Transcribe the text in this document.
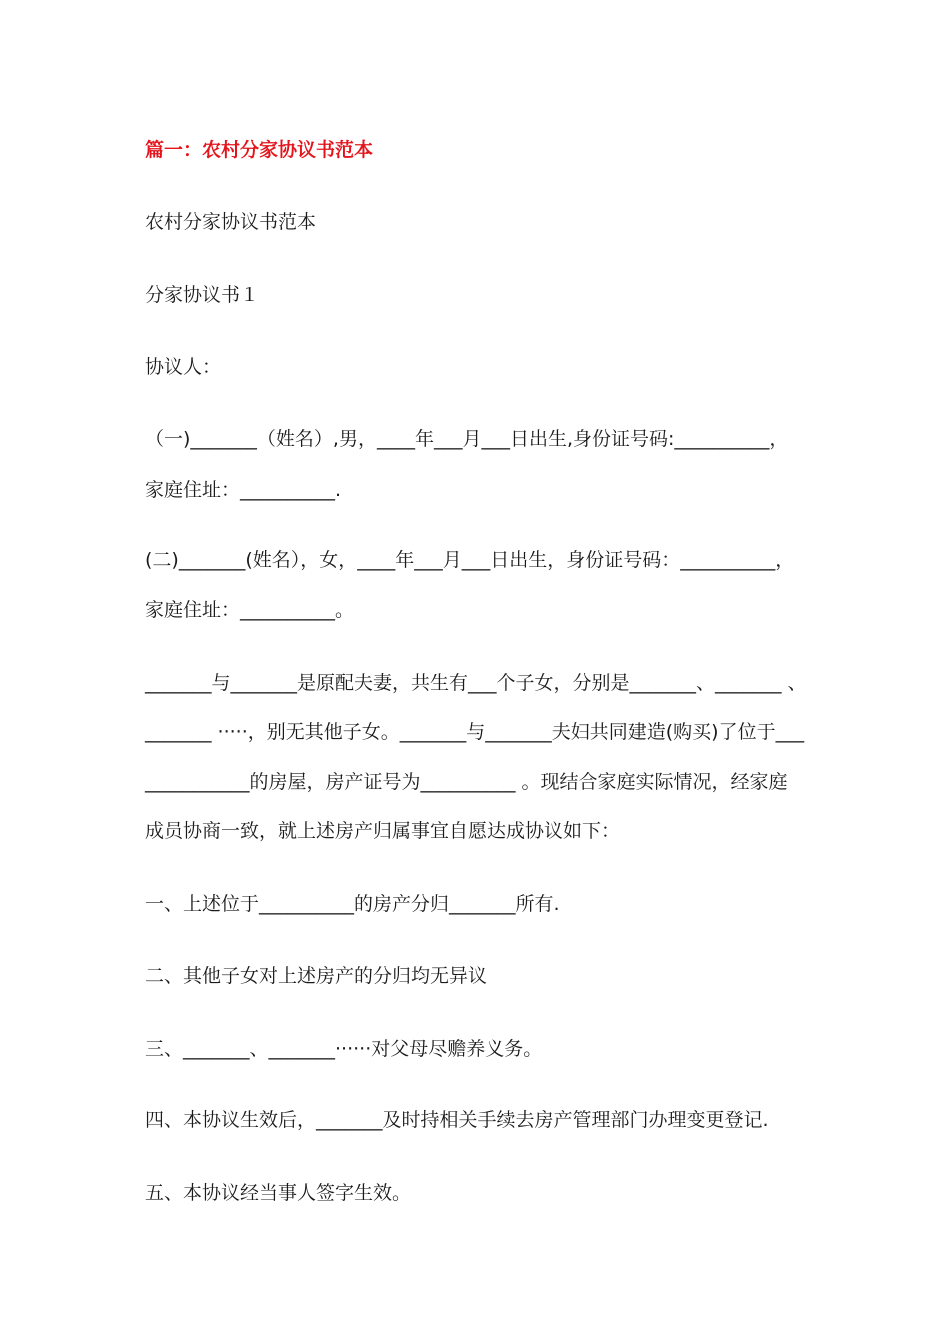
篇一：农村分家协议书范本
农村分家协议书范本
分家协议书１
协议人：
（一)_______（姓名）,男，____年___月___日出生,身份证号码:__________，
家庭住址：__________.
(二)_______(姓名），女，____年___月___日出生，身份证号码：__________，
家庭住址：__________。
_______与_______是原配夫妻，共生有___个子女，分别是_______、_______ 、
_______ ·····，别无其他子女。_______与_______夫妇共同建造(购买)了位于___
___________的房屋，房产证号为__________ 。现结合家庭实际情况，经家庭
成员协商一致，就上述房产归属事宜自愿达成协议如下：
一、上述位于__________的房产分归_______所有.
二、其他子女对上述房产的分归均无异议
三、_______、_______······对父母尽赡养义务。
四、本协议生效后，_______及时持相关手续去房产管理部门办理变更登记.
五、本协议经当事人签字生效。
